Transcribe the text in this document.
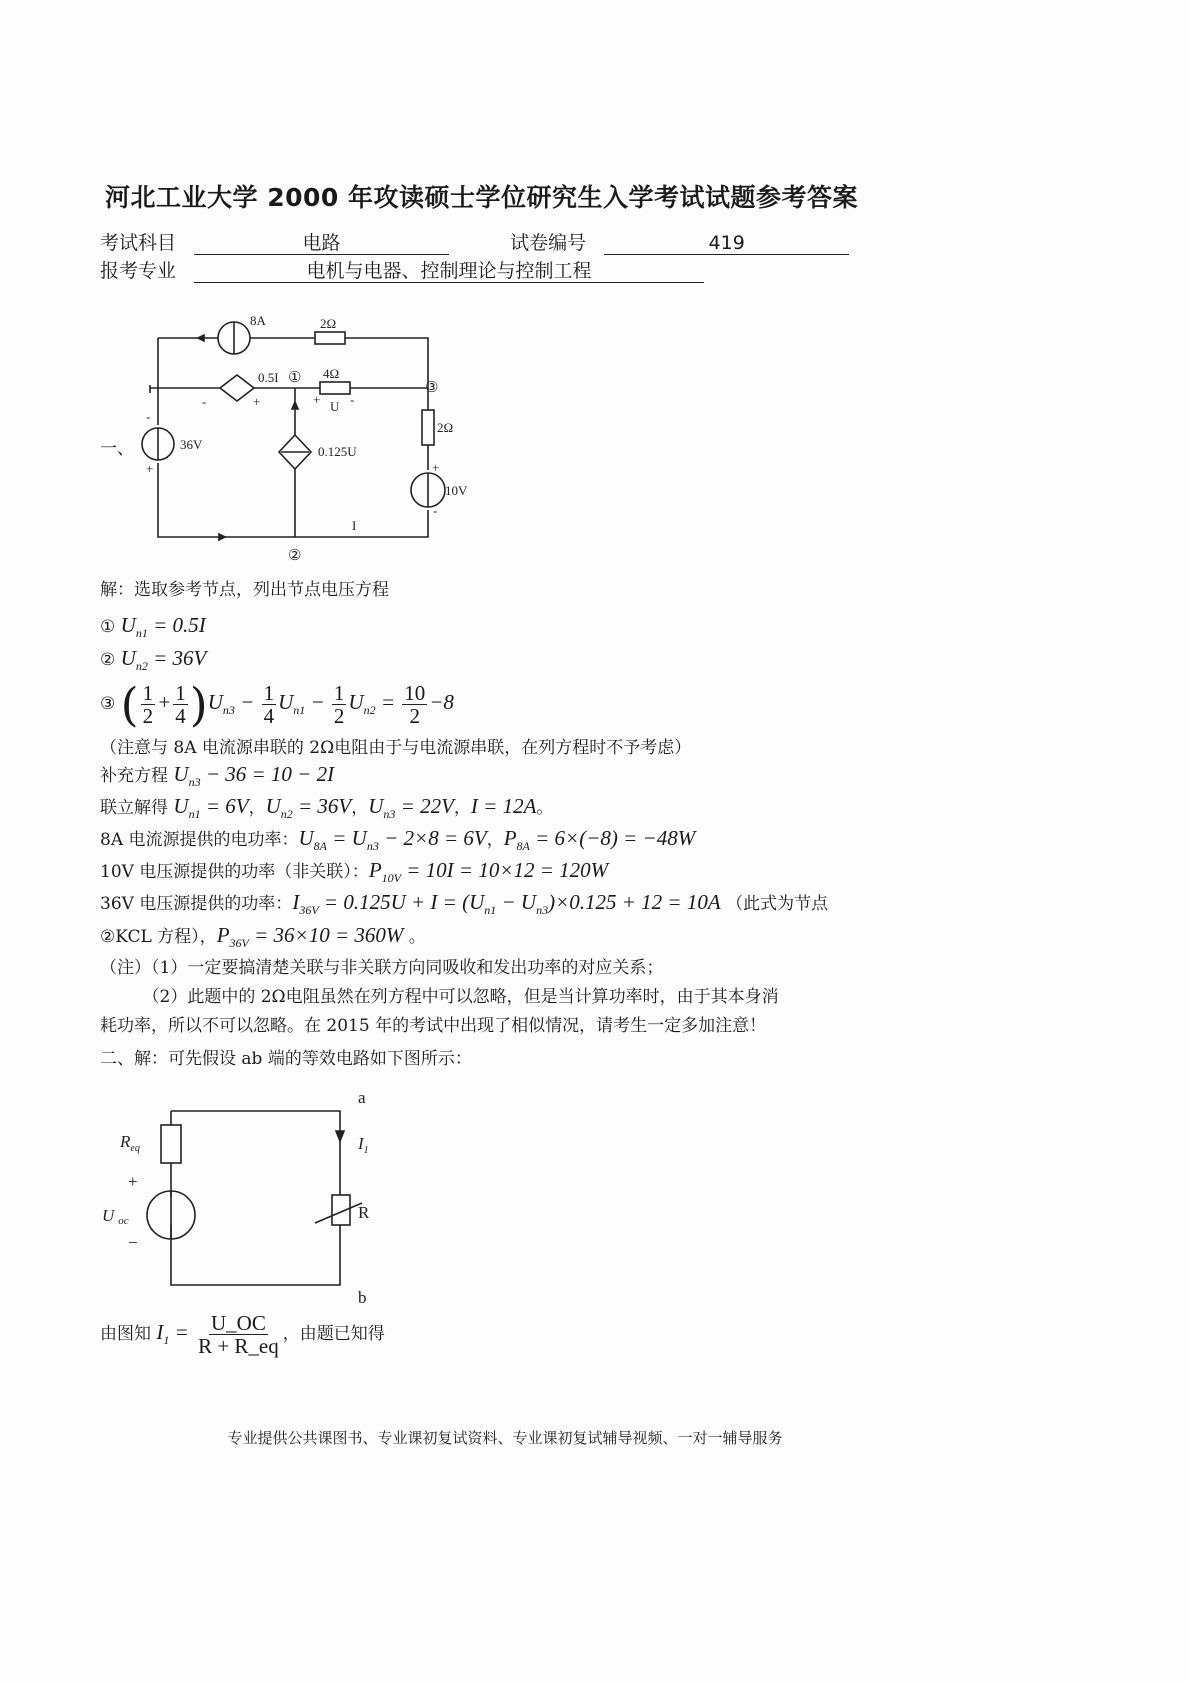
河北工业大学 2000 年攻读硕士学位研究生入学考试试题参考答案
考试科目	电路	试卷编号	419
报考专业	电机与电器、控制理论与控制工程
一、
8A	2Ω
0.5I ① 4Ω
③
+ U -
-	+
2Ω
-
36V
+
0.125U
+
10V
-
I
②
解：选取参考节点，列出节点电压方程
① $U_{n1} = 0.5I$
② $U_{n2} = 36V$
③ ( $\frac{1}{2} + \frac{1}{4} )U_{n3} - \frac{1}{4} U_{n1} - \frac{1}{2} U_{n2} = \frac{10}{2} -8$
（注意与 8A 电流源串联的 2Ω电阻由于与电流源串联，在列方程时不予考虑）
补充方程 $U_{n3} - 36 = 10 - 2I$
联立解得 $U_{n1} = 6V$，$U_{n2} = 36V$，$U_{n3} = 22V$，I = 12A。
8A 电流源提供的电功率：$U_{8A} = U_{n3} - 2\times 8 = 6V$，$P_{8A} = 6\times(-8) = -48W$
10V 电压源提供的功率（非关联）：$P_{10V} = 10I = 10\times 12 = 120W$
36V 电压源提供的功率：$I_{36V} = 0.125U + I = (U_{n1} - U_{n3})\times 0.125 + 12 = 10A$ （此式为节点
②KCL 方程），$P_{36V} = 36\times 10 = 360W$ 。
（注）（1）一定要搞清楚关联与非关联方向同吸收和发出功率的对应关系；
　　　（2）此题中的 2Ω电阻虽然在列方程中可以忽略，但是当计算功率时，由于其本身消
耗功率，所以不可以忽略。在 2015 年的考试中出现了相似情况，请考生一定多加注意！
二、解：可先假设 ab 端的等效电路如下图所示：
a
b
$R_{eq}$
+
Uoc
−
$I_1$
R
由图知 $I_1 = \frac{U\_OC}{R + R\_eq}$ ，由题已知得
专业提供公共课图书、专业课初复试资料、专业课初复试辅导视频、一对一辅导服务
